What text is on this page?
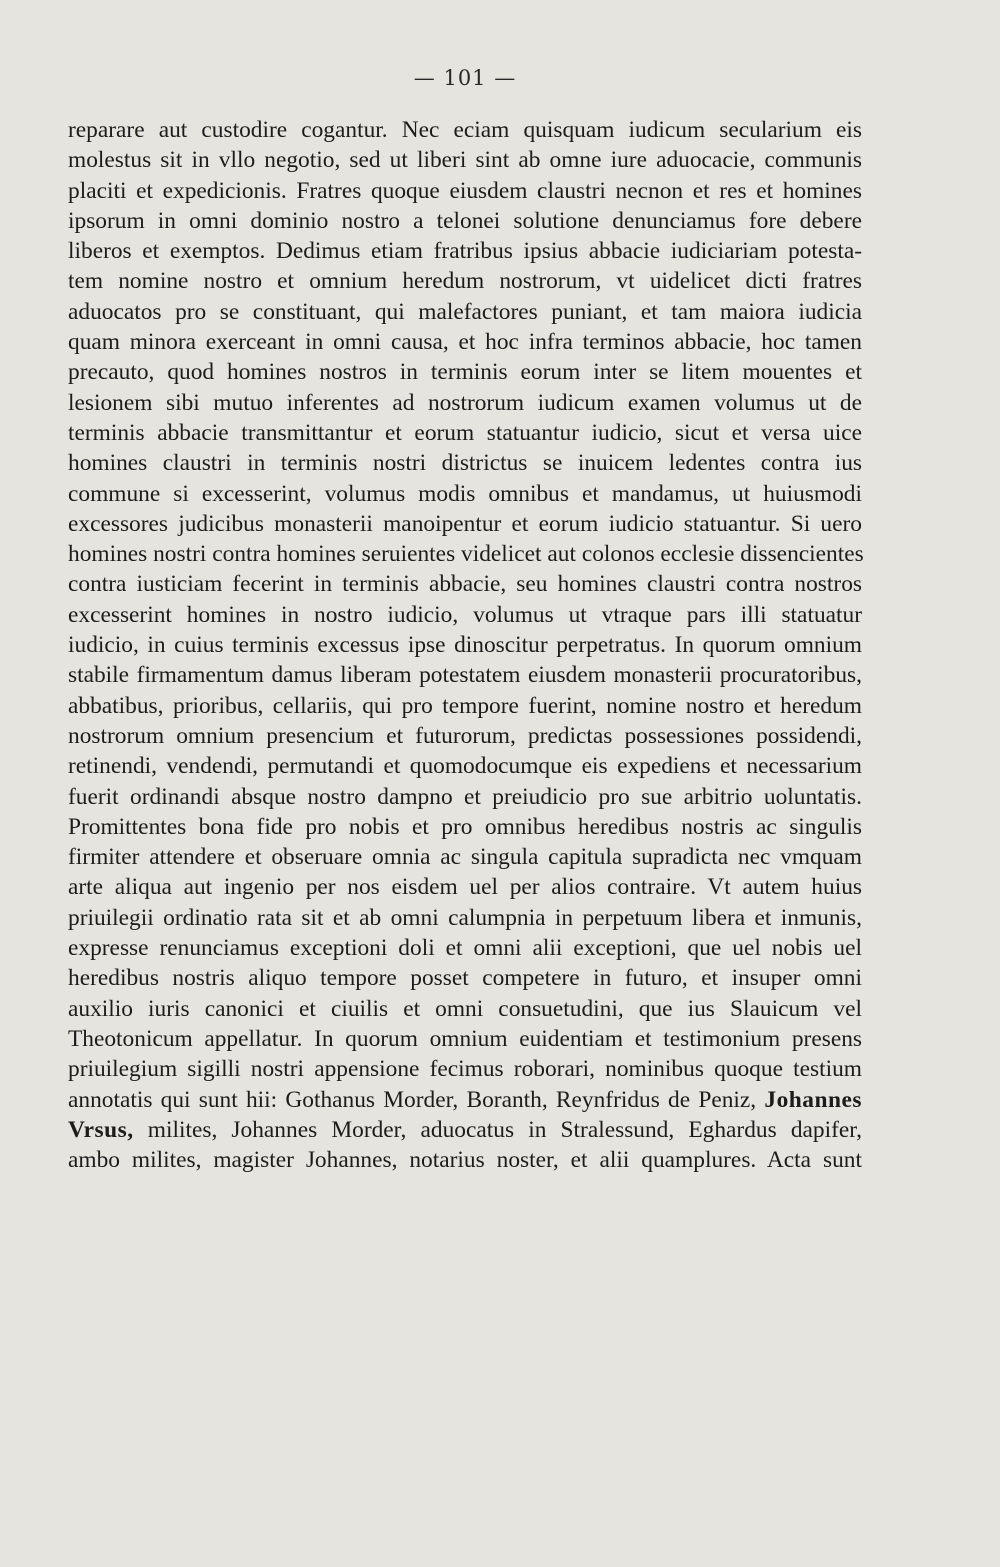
— 101 —
reparare aut custodire cogantur. Nec eciam quisquam iudicum secularium eis
molestus sit in vllo negotio, sed ut liberi sint ab omne iure aduocacie, communis
placiti et expedicionis. Fratres quoque eiusdem claustri necnon et res et homines
ipsorum in omni dominio nostro a telonei solutione denunciamus fore debere
liberos et exemptos. Dedimus etiam fratribus ipsius abbacie iudiciariam potesta-
tem nomine nostro et omnium heredum nostrorum, vt uidelicet dicti fratres
aduocatos pro se constituant, qui malefactores puniant, et tam maiora iudicia
quam minora exerceant in omni causa, et hoc infra terminos abbacie, hoc tamen
precauto, quod homines nostros in terminis eorum inter se litem mouentes et
lesionem sibi mutuo inferentes ad nostrorum iudicum examen volumus ut de
terminis abbacie transmittantur et eorum statuantur iudicio, sicut et versa uice
homines claustri in terminis nostri districtus se inuicem ledentes contra ius
commune si excesserint, volumus modis omnibus et mandamus, ut huiusmodi
excessores judicibus monasterii manoipentur et eorum iudicio statuantur. Si uero
homines nostri contra homines seruientes videlicet aut colonos ecclesie dissencientes
contra iusticiam fecerint in terminis abbacie, seu homines claustri contra nostros
excesserint homines in nostro iudicio, volumus ut vtraque pars illi statuatur
iudicio, in cuius terminis excessus ipse dinoscitur perpetratus. In quorum omnium
stabile firmamentum damus liberam potestatem eiusdem monasterii procuratoribus,
abbatibus, prioribus, cellariis, qui pro tempore fuerint, nomine nostro et heredum
nostrorum omnium presencium et futurorum, predictas possessiones possidendi,
retinendi, vendendi, permutandi et quomodocumque eis expediens et necessarium
fuerit ordinandi absque nostro dampno et preiudicio pro sue arbitrio uoluntatis.
Promittentes bona fide pro nobis et pro omnibus heredibus nostris ac singulis
firmiter attendere et obseruare omnia ac singula capitula supradicta nec vmquam
arte aliqua aut ingenio per nos eisdem uel per alios contraire. Vt autem huius
priuilegii ordinatio rata sit et ab omni calumpnia in perpetuum libera et inmunis,
expresse renunciamus exceptioni doli et omni alii exceptioni, que uel nobis uel
heredibus nostris aliquo tempore posset competere in futuro, et insuper omni
auxilio iuris canonici et ciuilis et omni consuetudini, que ius Slauicum vel
Theotonicum appellatur. In quorum omnium euidentiam et testimonium presens
priuilegium sigilli nostri appensione fecimus roborari, nominibus quoque testium
annotatis qui sunt hii: Gothanus Morder, Boranth, Reynfridus de Peniz, Johannes
Vrsus, milites, Johannes Morder, aduocatus in Stralessund, Eghardus dapifer,
ambo milites, magister Johannes, notarius noster, et alii quamplures. Acta sunt
